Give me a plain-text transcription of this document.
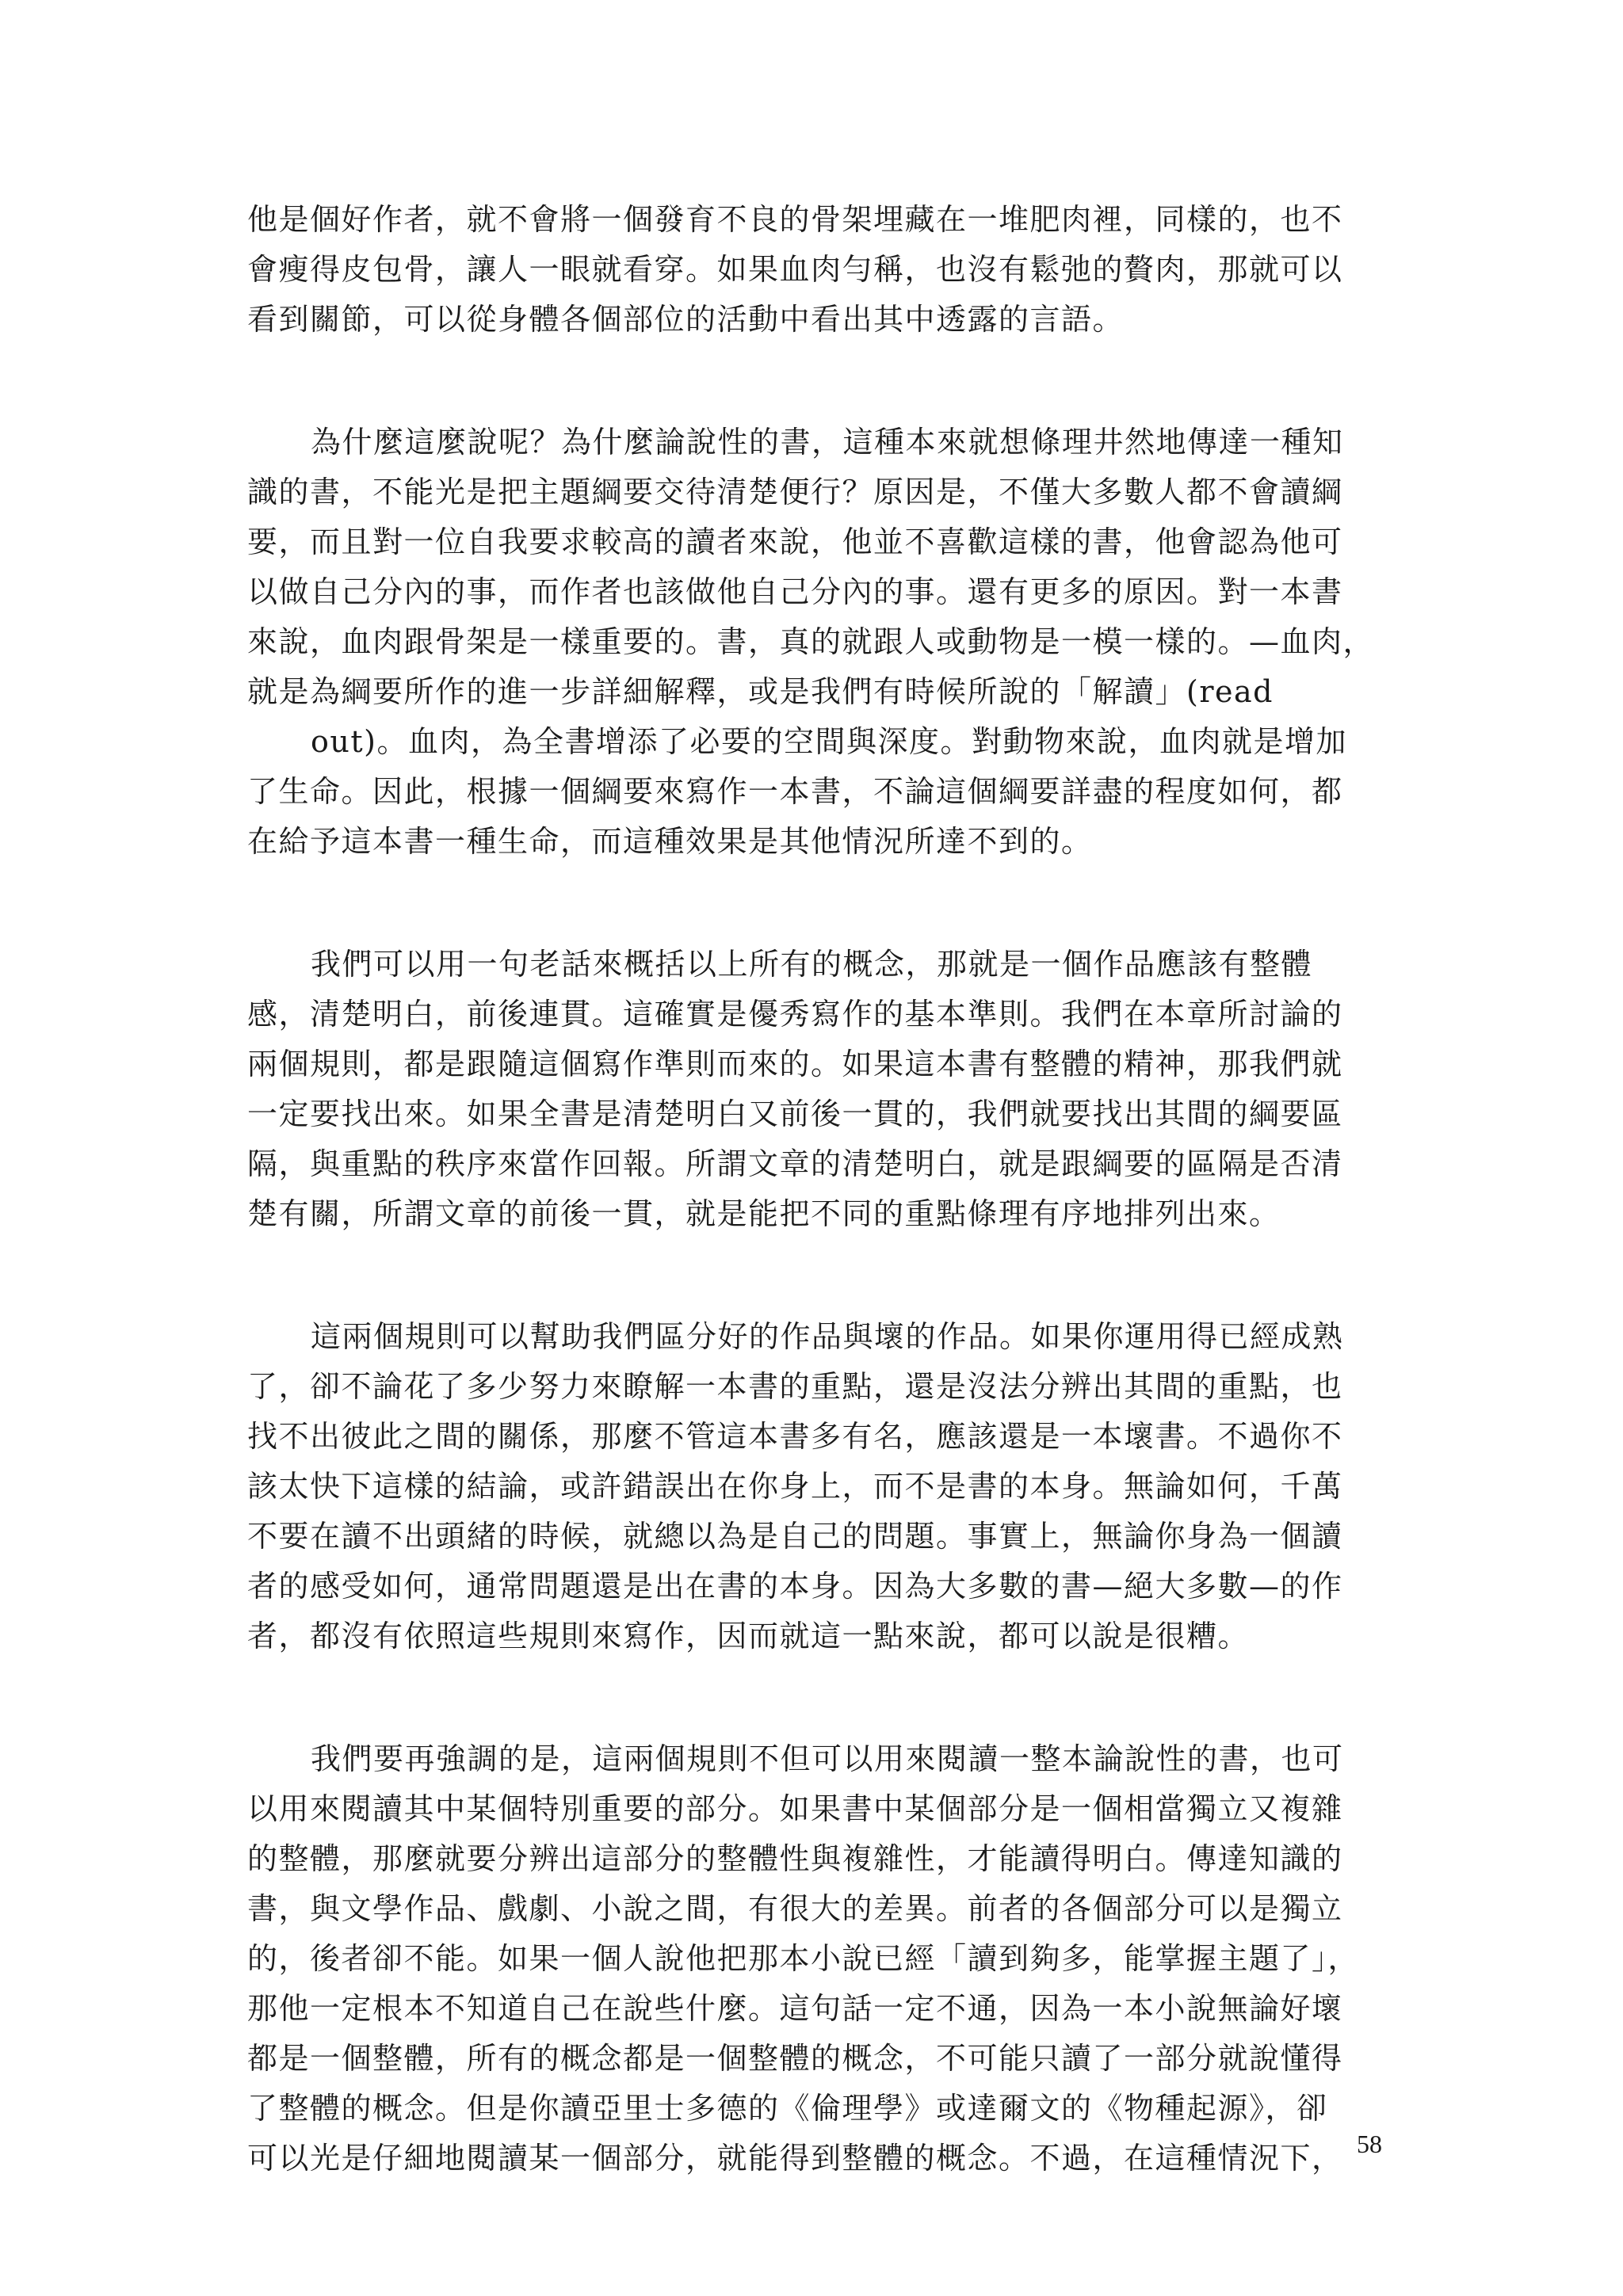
他是個好作者，就不會將一個發育不良的骨架埋藏在一堆肥肉裡，同樣的，也不
會瘦得皮包骨，讓人一眼就看穿。如果血肉勻稱，也沒有鬆弛的贅肉，那就可以
看到關節，可以從身體各個部位的活動中看出其中透露的言語。
為什麼這麼說呢？為什麼論說性的書，這種本來就想條理井然地傳達一種知
識的書，不能光是把主題綱要交待清楚便行？原因是，不僅大多數人都不會讀綱
要，而且對一位自我要求較高的讀者來說，他並不喜歡這樣的書，他會認為他可
以做自己分內的事，而作者也該做他自己分內的事。還有更多的原因。對一本書
來說，血肉跟骨架是一樣重要的。書，真的就跟人或動物是一模一樣的。—血肉，
就是為綱要所作的進一步詳細解釋，或是我們有時候所說的「解讀」(read
out)。血肉，為全書增添了必要的空間與深度。對動物來說，血肉就是增加
了生命。因此，根據一個綱要來寫作一本書，不論這個綱要詳盡的程度如何，都
在給予這本書一種生命，而這種效果是其他情況所達不到的。
我們可以用一句老話來概括以上所有的概念，那就是一個作品應該有整體
感，清楚明白，前後連貫。這確實是優秀寫作的基本準則。我們在本章所討論的
兩個規則，都是跟隨這個寫作準則而來的。如果這本書有整體的精神，那我們就
一定要找出來。如果全書是清楚明白又前後一貫的，我們就要找出其間的綱要區
隔，與重點的秩序來當作回報。所謂文章的清楚明白，就是跟綱要的區隔是否清
楚有關，所謂文章的前後一貫，就是能把不同的重點條理有序地排列出來。
這兩個規則可以幫助我們區分好的作品與壞的作品。如果你運用得已經成熟
了，卻不論花了多少努力來瞭解一本書的重點，還是沒法分辨出其間的重點，也
找不出彼此之間的關係，那麼不管這本書多有名，應該還是一本壞書。不過你不
該太快下這樣的結論，或許錯誤出在你身上，而不是書的本身。無論如何，千萬
不要在讀不出頭緒的時候，就總以為是自己的問題。事實上，無論你身為一個讀
者的感受如何，通常問題還是出在書的本身。因為大多數的書—絕大多數—的作
者，都沒有依照這些規則來寫作，因而就這一點來說，都可以說是很糟。
我們要再強調的是，這兩個規則不但可以用來閱讀一整本論說性的書，也可
以用來閱讀其中某個特別重要的部分。如果書中某個部分是一個相當獨立又複雜
的整體，那麼就要分辨出這部分的整體性與複雜性，才能讀得明白。傳達知識的
書，與文學作品、戲劇、小說之間，有很大的差異。前者的各個部分可以是獨立
的，後者卻不能。如果一個人說他把那本小說已經「讀到夠多，能掌握主題了」，
那他一定根本不知道自己在說些什麼。這句話一定不通，因為一本小說無論好壞
都是一個整體，所有的概念都是一個整體的概念，不可能只讀了一部分就說懂得
了整體的概念。但是你讀亞里士多德的《倫理學》或達爾文的《物種起源》，卻
可以光是仔細地閱讀某一個部分，就能得到整體的概念。不過，在這種情況下， 58
